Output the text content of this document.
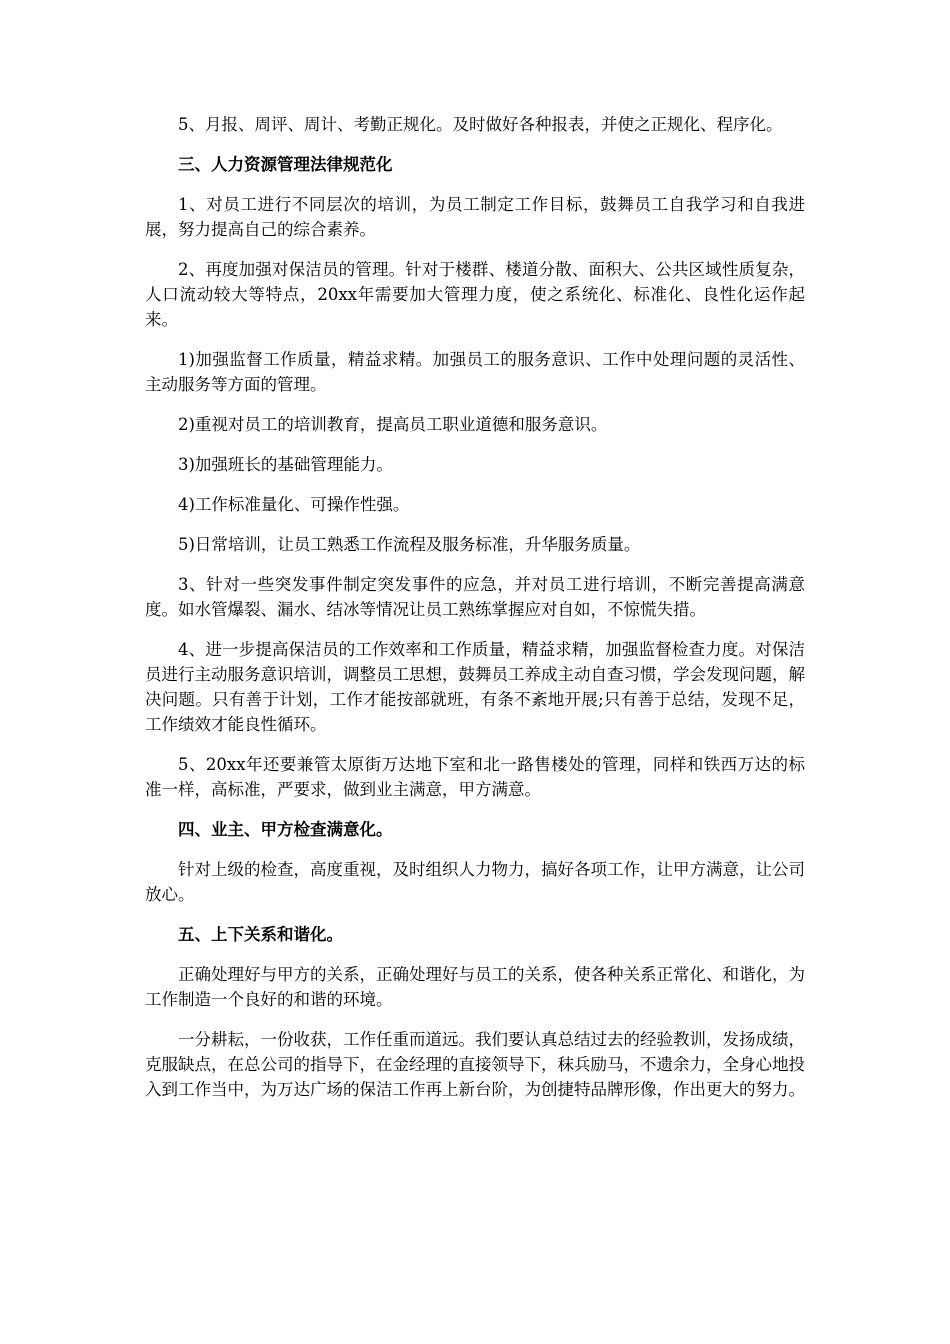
5、月报、周评、周计、考勤正规化。及时做好各种报表，并使之正规化、程序化。

三、人力资源管理法律规范化

1、对员工进行不同层次的培训，为员工制定工作目标，鼓舞员工自我学习和自我进展，努力提高自己的综合素养。

2、再度加强对保洁员的管理。针对于楼群、楼道分散、面积大、公共区域性质复杂，人口流动较大等特点，20xx年需要加大管理力度，使之系统化、标准化、良性化运作起来。

1)加强监督工作质量，精益求精。加强员工的服务意识、工作中处理问题的灵活性、主动服务等方面的管理。

2)重视对员工的培训教育，提高员工职业道德和服务意识。

3)加强班长的基础管理能力。

4)工作标准量化、可操作性强。

5)日常培训，让员工熟悉工作流程及服务标准，升华服务质量。

3、针对一些突发事件制定突发事件的应急，并对员工进行培训，不断完善提高满意度。如水管爆裂、漏水、结冰等情况让员工熟练掌握应对自如，不惊慌失措。

4、进一步提高保洁员的工作效率和工作质量，精益求精，加强监督检查力度。对保洁员进行主动服务意识培训，调整员工思想，鼓舞员工养成主动自查习惯，学会发现问题，解决问题。只有善于计划，工作才能按部就班，有条不紊地开展;只有善于总结，发现不足，工作绩效才能良性循环。

5、20xx年还要兼管太原街万达地下室和北一路售楼处的管理，同样和铁西万达的标准一样，高标准，严要求，做到业主满意，甲方满意。

四、业主、甲方检查满意化。

针对上级的检查，高度重视，及时组织人力物力，搞好各项工作，让甲方满意，让公司放心。

五、上下关系和谐化。

正确处理好与甲方的关系，正确处理好与员工的关系，使各种关系正常化、和谐化，为工作制造一个良好的和谐的环境。

一分耕耘，一份收获，工作任重而道远。我们要认真总结过去的经验教训，发扬成绩，克服缺点，在总公司的指导下，在金经理的直接领导下，秣兵励马，不遗余力，全身心地投入到工作当中，为万达广场的保洁工作再上新台阶，为创捷特品牌形像，作出更大的努力。
